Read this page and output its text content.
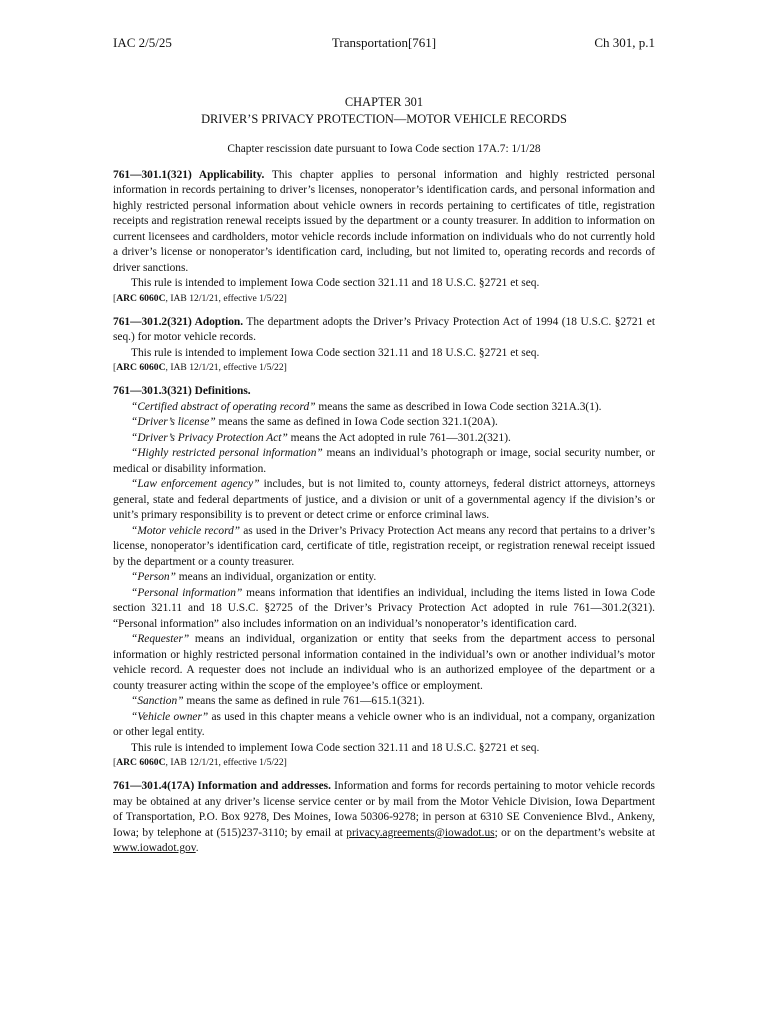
IAC 2/5/25	Transportation[761]	Ch 301, p.1
CHAPTER 301
DRIVER’S PRIVACY PROTECTION—MOTOR VEHICLE RECORDS
Chapter rescission date pursuant to Iowa Code section 17A.7: 1/1/28

761—301.1(321) Applicability. This chapter applies to personal information and highly restricted personal information in records pertaining to driver’s licenses, nonoperator’s identification cards, and personal information and highly restricted personal information about vehicle owners in records pertaining to certificates of title, registration receipts and registration renewal receipts issued by the department or a county treasurer. In addition to information on current licensees and cardholders, motor vehicle records include information on individuals who do not currently hold a driver’s license or nonoperator’s identification card, including, but not limited to, operating records and records of driver sanctions.

This rule is intended to implement Iowa Code section 321.11 and 18 U.S.C. §2721 et seq.

[ARC 6060C, IAB 12/1/21, effective 1/5/22]

761—301.2(321) Adoption. The department adopts the Driver’s Privacy Protection Act of 1994 (18 U.S.C. §2721 et seq.) for motor vehicle records.

This rule is intended to implement Iowa Code section 321.11 and 18 U.S.C. §2721 et seq.

[ARC 6060C, IAB 12/1/21, effective 1/5/22]

761—301.3(321) Definitions.

“Certified abstract of operating record” means the same as described in Iowa Code section 321A.3(1).

“Driver’s license” means the same as defined in Iowa Code section 321.1(20A).

“Driver’s Privacy Protection Act” means the Act adopted in rule 761—301.2(321).

“Highly restricted personal information” means an individual’s photograph or image, social security number, or medical or disability information.

“Law enforcement agency” includes, but is not limited to, county attorneys, federal district attorneys, attorneys general, state and federal departments of justice, and a division or unit of a governmental agency if the division’s or unit’s primary responsibility is to prevent or detect crime or enforce criminal laws.

“Motor vehicle record” as used in the Driver’s Privacy Protection Act means any record that pertains to a driver’s license, nonoperator’s identification card, certificate of title, registration receipt, or registration renewal receipt issued by the department or a county treasurer.

“Person” means an individual, organization or entity.

“Personal information” means information that identifies an individual, including the items listed in Iowa Code section 321.11 and 18 U.S.C. §2725 of the Driver’s Privacy Protection Act adopted in rule 761—301.2(321). “Personal information” also includes information on an individual’s nonoperator’s identification card.

“Requester” means an individual, organization or entity that seeks from the department access to personal information or highly restricted personal information contained in the individual’s own or another individual’s motor vehicle record. A requester does not include an individual who is an authorized employee of the department or a county treasurer acting within the scope of the employee’s office or employment.

“Sanction” means the same as defined in rule 761—615.1(321).

“Vehicle owner” as used in this chapter means a vehicle owner who is an individual, not a company, organization or other legal entity.

This rule is intended to implement Iowa Code section 321.11 and 18 U.S.C. §2721 et seq.

[ARC 6060C, IAB 12/1/21, effective 1/5/22]

761—301.4(17A) Information and addresses. Information and forms for records pertaining to motor vehicle records may be obtained at any driver’s license service center or by mail from the Motor Vehicle Division, Iowa Department of Transportation, P.O. Box 9278, Des Moines, Iowa 50306-9278; in person at 6310 SE Convenience Blvd., Ankeny, Iowa; by telephone at (515)237-3110; by email at privacy.agreements@iowadot.us; or on the department’s website at www.iowadot.gov.
